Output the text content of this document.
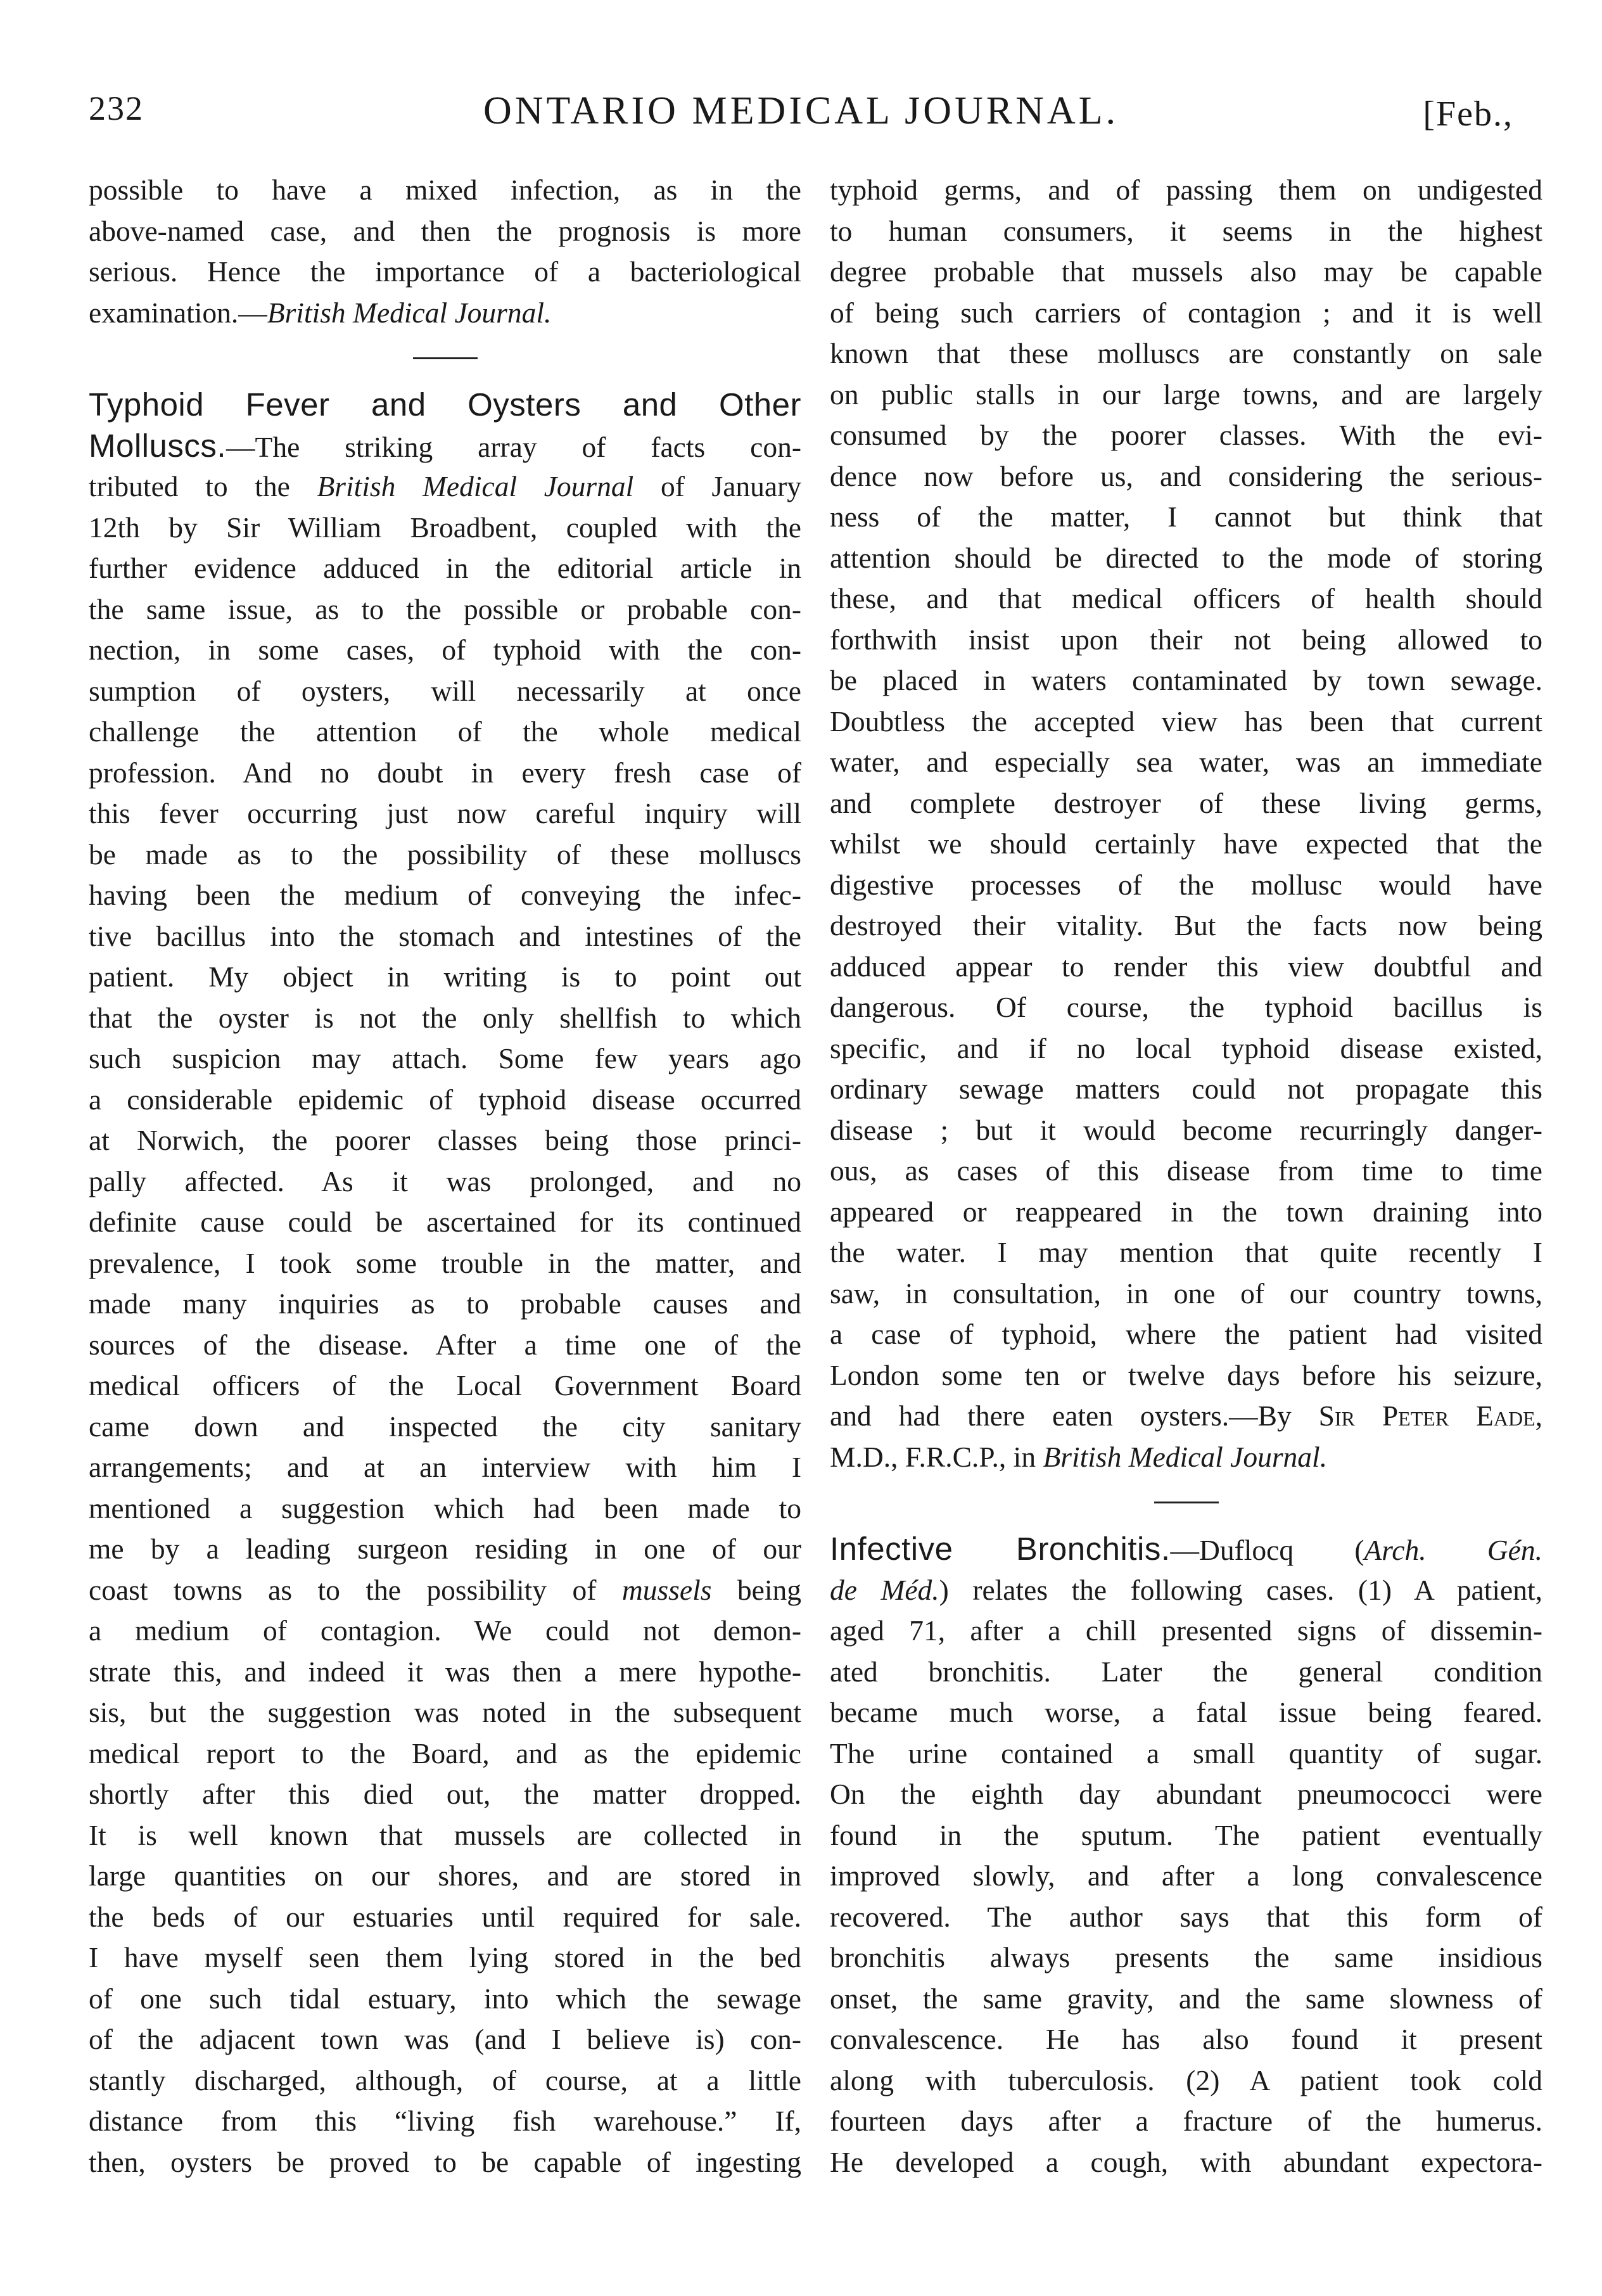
232	ONTARIO MEDICAL JOURNAL.	[Feb.,

possible to have a mixed infection, as in the
above-named case, and then the prognosis is more
serious. Hence the importance of a bacteriological
examination.—British Medical Journal.

Typhoid Fever and Oysters and Other
Molluscs.—The striking array of facts con-
tributed to the British Medical Journal of January
12th by Sir William Broadbent, coupled with the
further evidence adduced in the editorial article in
the same issue, as to the possible or probable con-
nection, in some cases, of typhoid with the con-
sumption of oysters, will necessarily at once
challenge the attention of the whole medical
profession. And no doubt in every fresh case of
this fever occurring just now careful inquiry will
be made as to the possibility of these molluscs
having been the medium of conveying the infec-
tive bacillus into the stomach and intestines of the
patient. My object in writing is to point out
that the oyster is not the only shellfish to which
such suspicion may attach. Some few years ago
a considerable epidemic of typhoid disease occurred
at Norwich, the poorer classes being those princi-
pally affected. As it was prolonged, and no
definite cause could be ascertained for its continued
prevalence, I took some trouble in the matter, and
made many inquiries as to probable causes and
sources of the disease. After a time one of the
medical officers of the Local Government Board
came down and inspected the city sanitary
arrangements; and at an interview with him I
mentioned a suggestion which had been made to
me by a leading surgeon residing in one of our
coast towns as to the possibility of mussels being
a medium of contagion. We could not demon-
strate this, and indeed it was then a mere hypothe-
sis, but the suggestion was noted in the subsequent
medical report to the Board, and as the epidemic
shortly after this died out, the matter dropped.
It is well known that mussels are collected in
large quantities on our shores, and are stored in
the beds of our estuaries until required for sale.
I have myself seen them lying stored in the bed
of one such tidal estuary, into which the sewage
of the adjacent town was (and I believe is) con-
stantly discharged, although, of course, at a little
distance from this “living fish warehouse.” If,
then, oysters be proved to be capable of ingesting

typhoid germs, and of passing them on undigested
to human consumers, it seems in the highest
degree probable that mussels also may be capable
of being such carriers of contagion ; and it is well
known that these molluscs are constantly on sale
on public stalls in our large towns, and are largely
consumed by the poorer classes. With the evi-
dence now before us, and considering the serious-
ness of the matter, I cannot but think that
attention should be directed to the mode of storing
these, and that medical officers of health should
forthwith insist upon their not being allowed to
be placed in waters contaminated by town sewage.
Doubtless the accepted view has been that current
water, and especially sea water, was an immediate
and complete destroyer of these living germs,
whilst we should certainly have expected that the
digestive processes of the mollusc would have
destroyed their vitality. But the facts now being
adduced appear to render this view doubtful and
dangerous. Of course, the typhoid bacillus is
specific, and if no local typhoid disease existed,
ordinary sewage matters could not propagate this
disease ; but it would become recurringly danger-
ous, as cases of this disease from time to time
appeared or reappeared in the town draining into
the water. I may mention that quite recently I
saw, in consultation, in one of our country towns,
a case of typhoid, where the patient had visited
London some ten or twelve days before his seizure,
and had there eaten oysters.—By Sir Peter Eade,
M.D., F.R.C.P., in British Medical Journal.

Infective Bronchitis.—Duflocq (Arch. Gén.
de Méd.) relates the following cases. (1) A patient,
aged 71, after a chill presented signs of dissemin-
ated bronchitis. Later the general condition
became much worse, a fatal issue being feared.
The urine contained a small quantity of sugar.
On the eighth day abundant pneumococci were
found in the sputum. The patient eventually
improved slowly, and after a long convalescence
recovered. The author says that this form of
bronchitis always presents the same insidious
onset, the same gravity, and the same slowness of
convalescence. He has also found it present
along with tuberculosis. (2) A patient took cold
fourteen days after a fracture of the humerus.
He developed a cough, with abundant expectora-
